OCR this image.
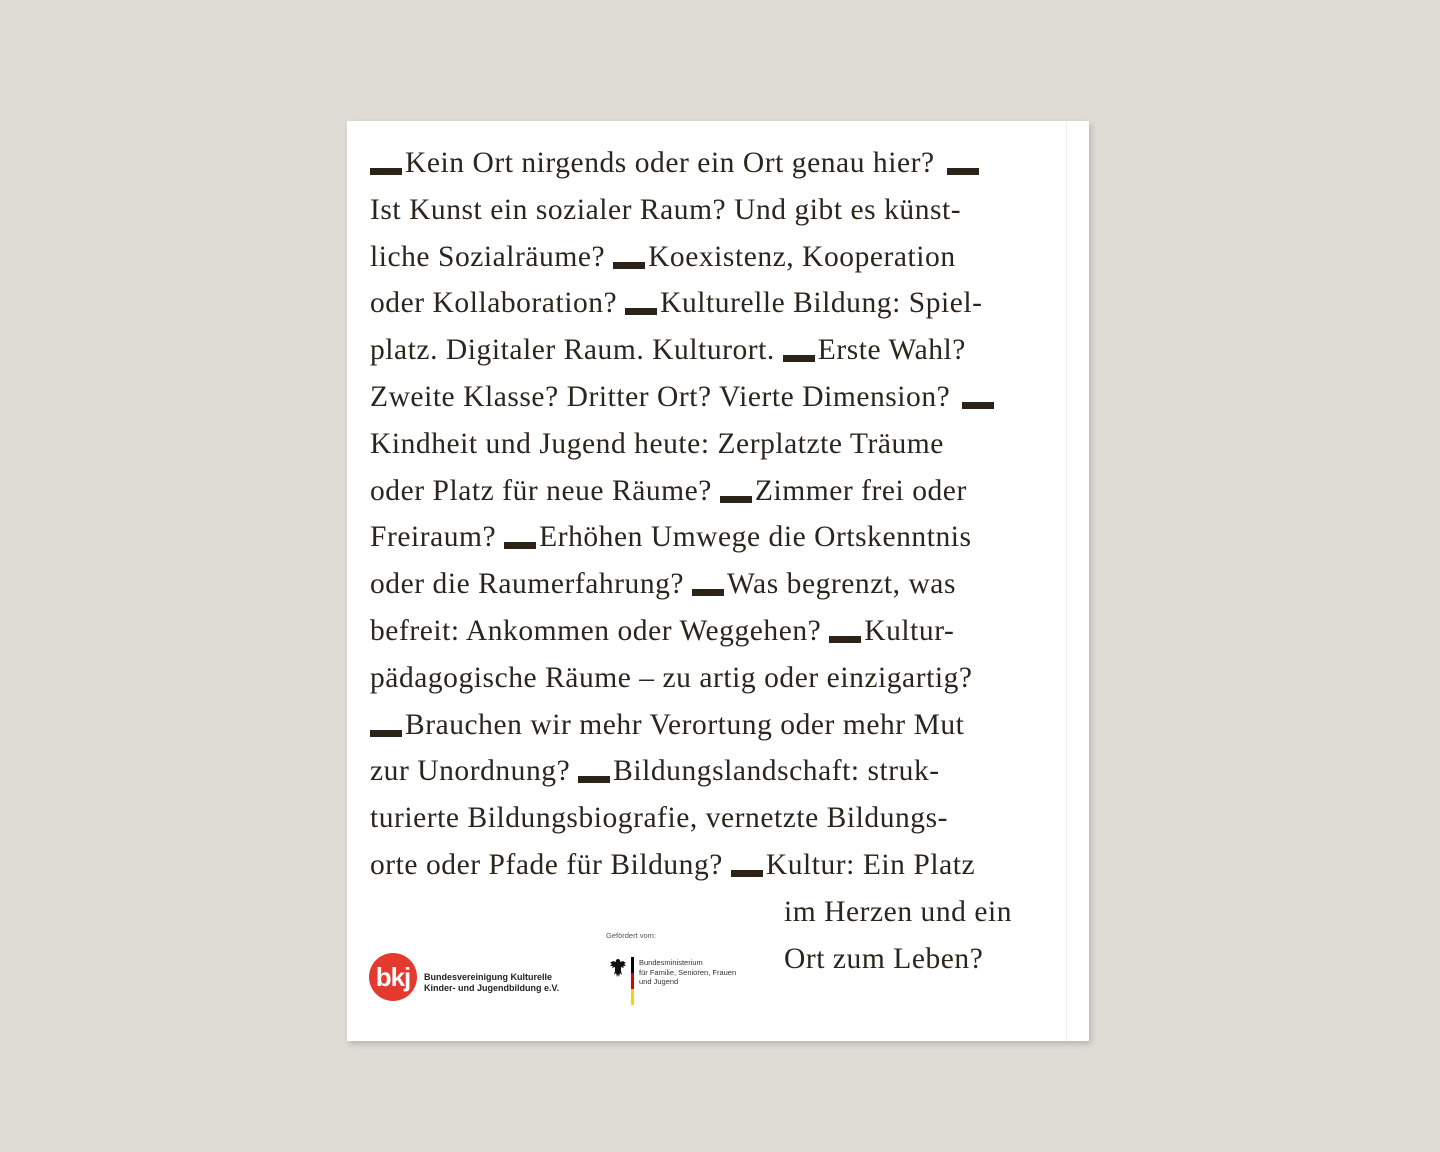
Kein Ort nirgends oder ein Ort genau hier?
Ist Kunst ein sozialer Raum? Und gibt es künst-
liche Sozialräume? Koexistenz, Kooperation
oder Kollaboration? Kulturelle Bildung: Spiel-
platz. Digitaler Raum. Kulturort. Erste Wahl?
Zweite Klasse? Dritter Ort? Vierte Dimension?
Kindheit und Jugend heute: Zerplatzte Träume
oder Platz für neue Räume? Zimmer frei oder
Freiraum? Erhöhen Umwege die Ortskenntnis
oder die Raumerfahrung? Was begrenzt, was
befreit: Ankommen oder Weggehen? Kultur-
pädagogische Räume – zu artig oder einzigartig?
Brauchen wir mehr Verortung oder mehr Mut
zur Unordnung? Bildungslandschaft: struk-
turierte Bildungsbiografie, vernetzte Bildungs-
orte oder Pfade für Bildung? Kultur: Ein Platz
im Herzen und ein
Ort zum Leben?
bkj	Bundesvereinigung Kulturelle
Kinder- und Jugendbildung e.V.
Gefördert vom:
Bundesministerium
für Familie, Senioren, Frauen
und Jugend
